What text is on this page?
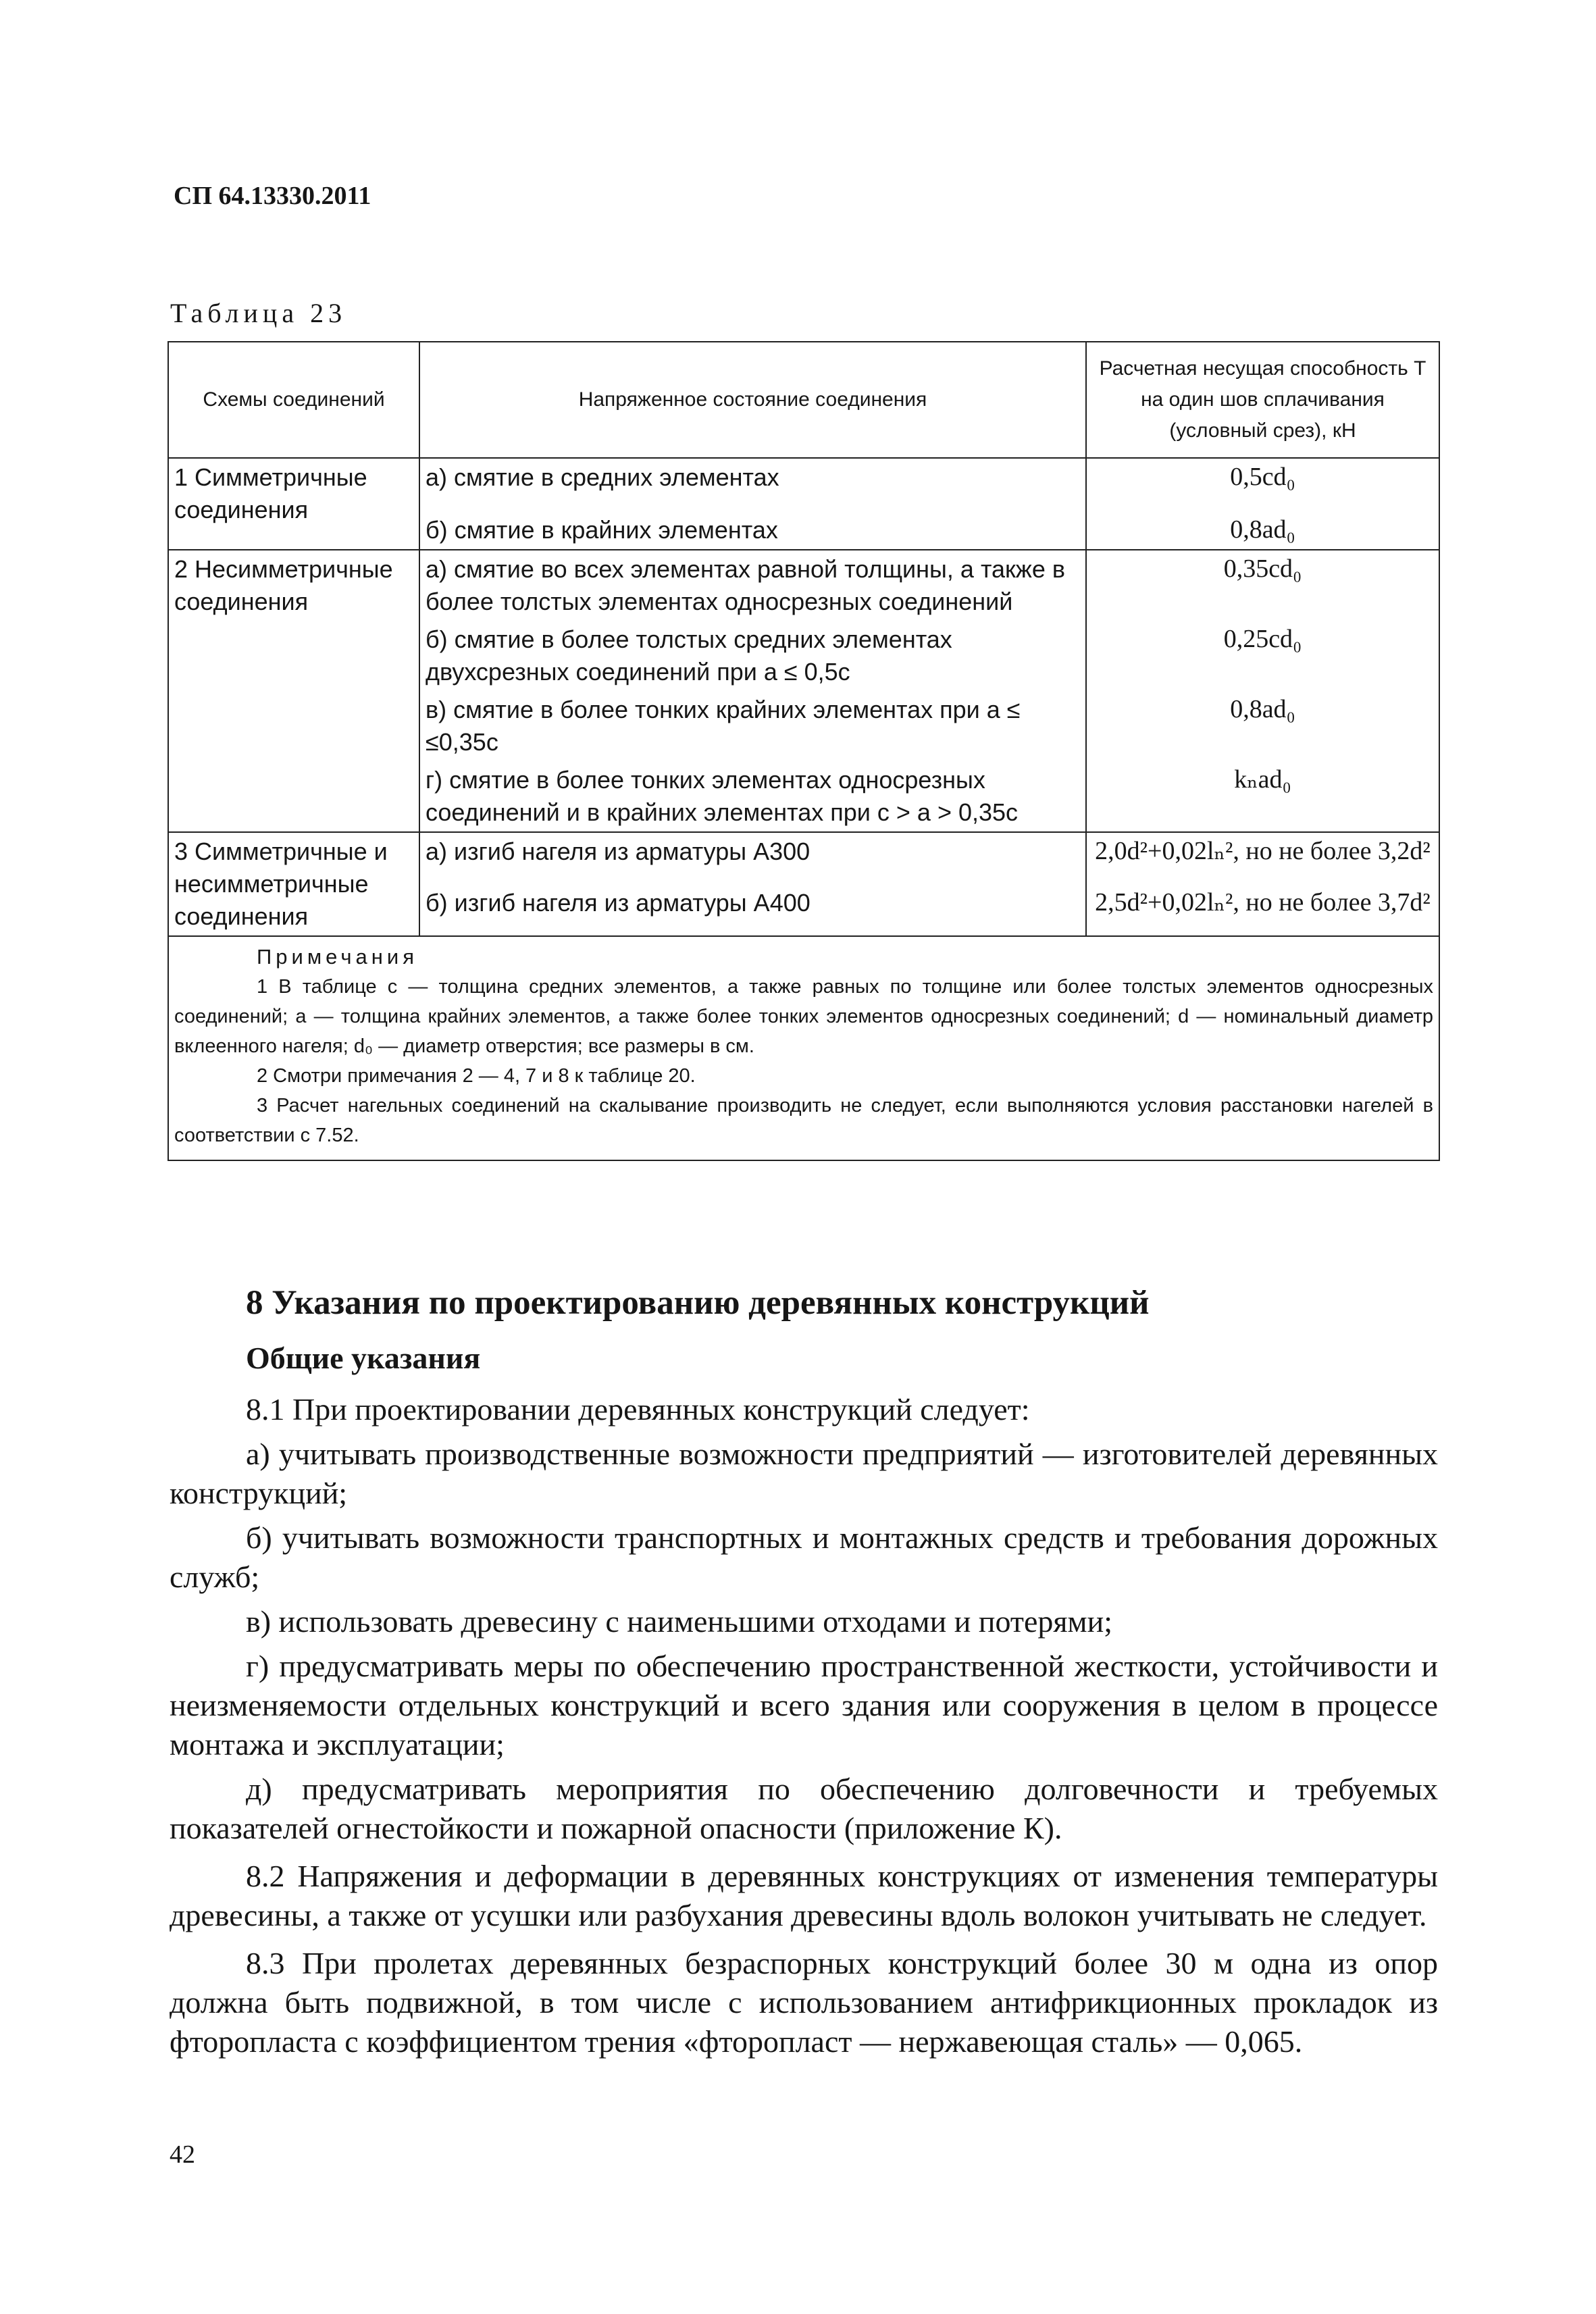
СП 64.13330.2011
Таблица 23
Схемы соединений	Напряженное состояние соединения	Расчетная несущая способность T на один шов сплачивания (условный срез), кН
1 Симметричные соединения	а) смятие в средних элементах	0,5cd₀
	б) смятие в крайних элементах	0,8ad₀
2 Несимметричные соединения	а) смятие во всех элементах равной толщины, а также в более толстых элементах односрезных соединений	0,35cd₀
	б) смятие в более толстых средних элементах двухсрезных соединений при a ≤ 0,5c	0,25cd₀
	в) смятие в более тонких крайних элементах при a ≤ ≤0,35c	0,8ad₀
	г) смятие в более тонких элементах односрезных соединений и в крайних элементах при c > a > 0,35c	kₙad₀
3 Симметричные и несимметричные соединения	а) изгиб нагеля из арматуры А300	2,0d²+0,02lₙ², но не более 3,2d²
	б) изгиб нагеля из арматуры А400	2,5d²+0,02lₙ², но не более 3,7d²

Примечания
1 В таблице c — толщина средних элементов, а также равных по толщине или более толстых элементов односрезных соединений; a — толщина крайних элементов, а также более тонких элементов односрезных соединений; d — номинальный диаметр вклеенного нагеля; d₀ — диаметр отверстия; все размеры в см.
2 Смотри примечания 2 — 4, 7 и 8 к таблице 20.
3 Расчет нагельных соединений на скалывание производить не следует, если выполняются условия расстановки нагелей в соответствии с 7.52.		
8 Указания по проектированию деревянных конструкций
Общие указания

8.1 При проектировании деревянных конструкций следует:

а) учитывать производственные возможности предприятий — изготовителей деревянных конструкций;

б) учитывать возможности транспортных и монтажных средств и требования дорожных служб;

в) использовать древесину с наименьшими отходами и потерями;

г) предусматривать меры по обеспечению пространственной жесткости, устойчивости и неизменяемости отдельных конструкций и всего здания или сооружения в целом в процессе монтажа и эксплуатации;

д) предусматривать мероприятия по обеспечению долговечности и требуемых показателей огнестойкости и пожарной опасности (приложение К).

8.2 Напряжения и деформации в деревянных конструкциях от изменения температуры древесины, а также от усушки или разбухания древесины вдоль волокон учитывать не следует.

8.3 При пролетах деревянных безраспорных конструкций более 30 м одна из опор должна быть подвижной, в том числе с использованием антифрикционных прокладок из фторопласта с коэффициентом трения «фторопласт — нержавеющая сталь» — 0,065.

42
